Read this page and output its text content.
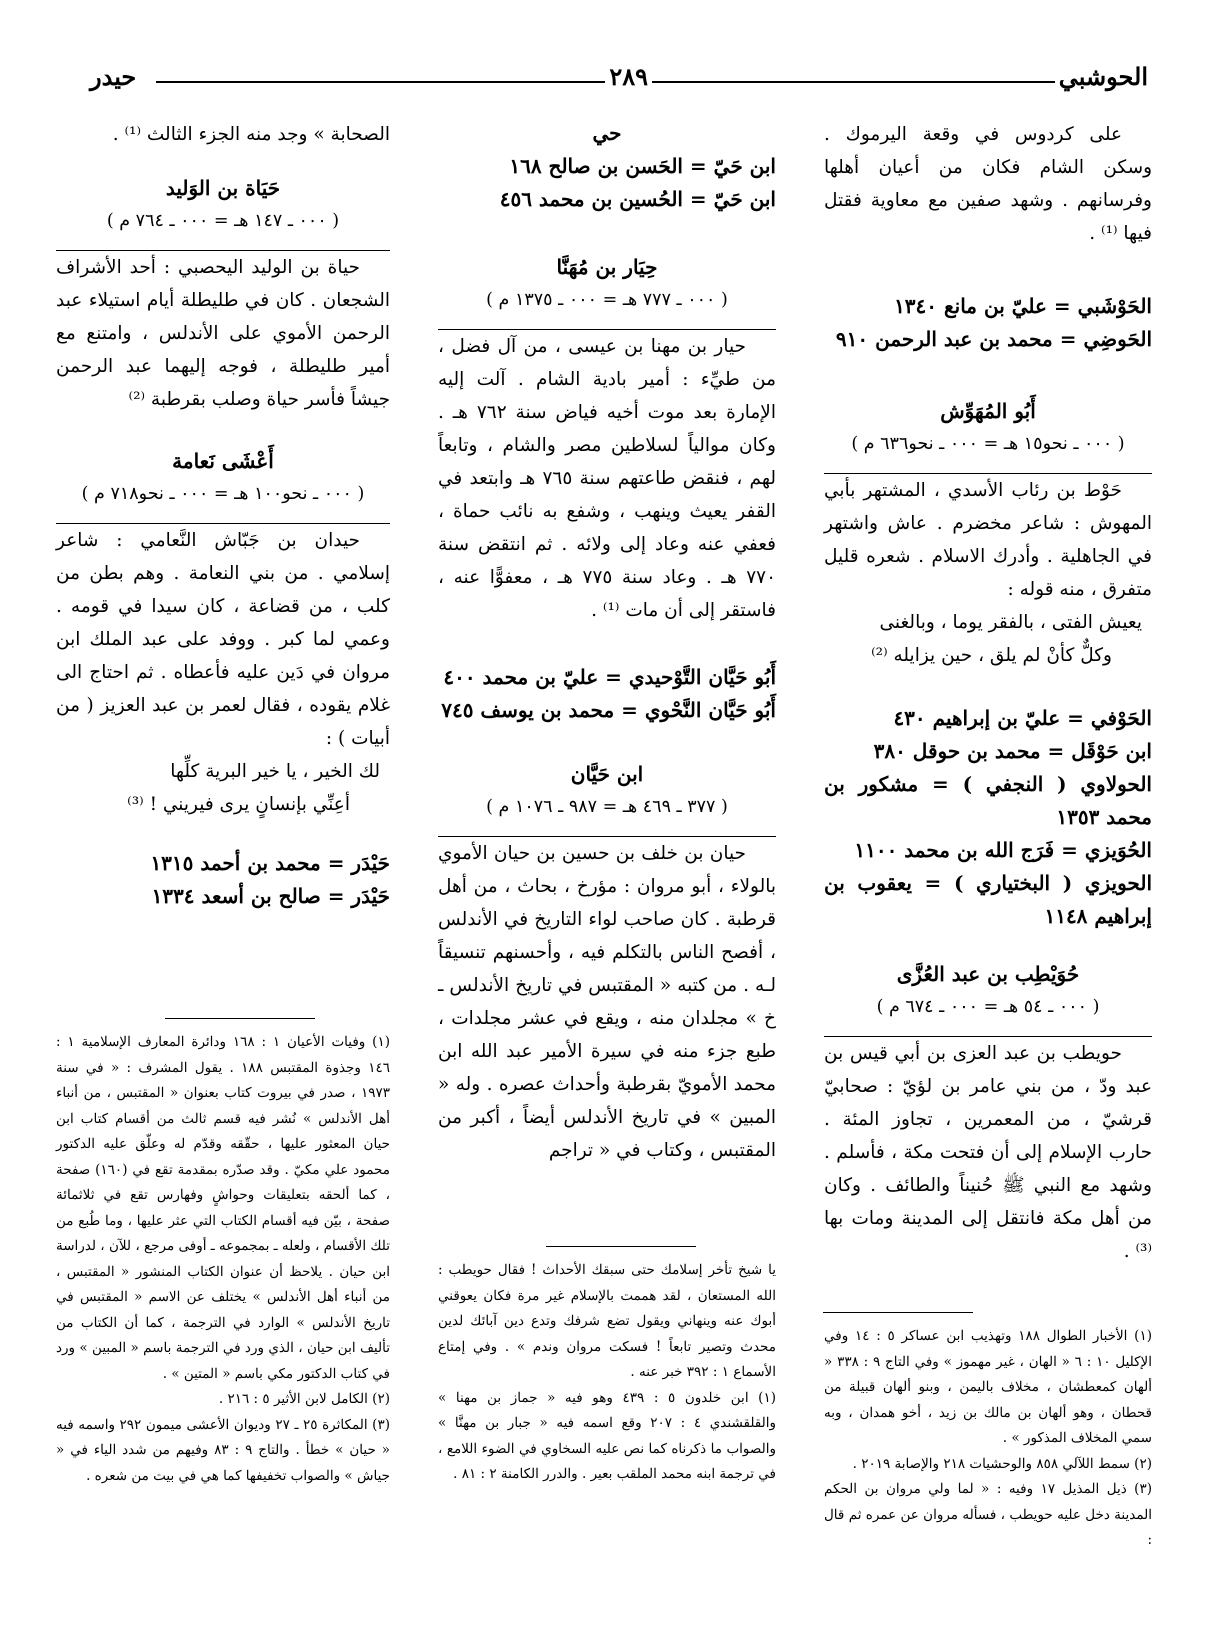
الحوشبي
٢٨٩
حيدر

على كردوس في وقعة اليرموك . وسكن الشام فكان من أعيان أهلها وفرسانهم . وشهد صفين مع معاوية فقتل فيها ⁽¹⁾ .

الحَوْشَبي = عليّ بن مانع ١٣٤٠

الحَوضِي = محمد بن عبد الرحمن ٩١٠

أَبُو المُهَوِّش

( ٠٠٠ ـ نحو١٥ هـ = ٠٠٠ ـ نحو٦٣٦ م )

حَوْط بن رئاب الأسدي ، المشتهر بأبي المهوش : شاعر مخضرم . عاش واشتهر في الجاهلية . وأدرك الاسلام . شعره قليل متفرق ، منه قوله :

يعيش الفتى ، بالفقر يوما ، وبالغنى

وكلٌّ كأنْ لم يلق ، حين يزايله ⁽²⁾

الحَوْفي = عليّ بن إبراهيم ٤٣٠

ابن حَوْقَل = محمد بن حوقل ٣٨٠

الحولاوي ( النجفي ) = مشكور بن محمد ١٣٥٣

الحُوَيزي = فَرَج الله بن محمد ١١٠٠

الحويزي ( البختياري ) = يعقوب بن إبراهيم ١١٤٨

حُوَيْطِب بن عبد العُزَّى

( ٠٠٠ ـ ٥٤ هـ = ٠٠٠ ـ ٦٧٤ م )

حويطب بن عبد العزى بن أبي قيس بن عبد ودّ ، من بني عامر بن لؤيّ : صحابيّ قرشيّ ، من المعمرين ، تجاوز المئة . حارب الإسلام إلى أن فتحت مكة ، فأسلم . وشهد مع النبي ﷺ حُنيناً والطائف . وكان من أهل مكة فانتقل إلى المدينة ومات بها ⁽³⁾ .

حي

ابن حَيّ = الحَسن بن صالح ١٦٨

ابن حَيّ = الحُسين بن محمد ٤٥٦

حِيَار بن مُهَنَّا

( ٠٠٠ ـ ٧٧٧ هـ = ٠٠٠ ـ ١٣٧٥ م )

حيار بن مهنا بن عيسى ، من آل فضل ، من طيِّء : أمير بادية الشام . آلت إليه الإمارة بعد موت أخيه فياض سنة ٧٦٢ هـ . وكان موالياً لسلاطين مصر والشام ، وتابعاً لهم ، فنقض طاعتهم سنة ٧٦٥ هـ وابتعد في القفر يعيث وينهب ، وشفع به نائب حماة ، فعفي عنه وعاد إلى ولائه . ثم انتقض سنة ٧٧٠ هـ . وعاد سنة ٧٧٥ هـ ، معفوًّا عنه ، فاستقر إلى أن مات ⁽¹⁾ .

أَبُو حَيَّان التَّوْحيدي = عليّ بن محمد ٤٠٠

أَبُو حَيَّان النَّحْوي = محمد بن يوسف ٧٤٥

ابن حَيَّان

( ٣٧٧ ـ ٤٦٩ هـ = ٩٨٧ ـ ١٠٧٦ م )

حيان بن خلف بن حسين بن حيان الأموي بالولاء ، أبو مروان : مؤرخ ، بحاث ، من أهل قرطبة . كان صاحب لواء التاريخ في الأندلس ، أفصح الناس بالتكلم فيه ، وأحسنهم تنسيقاً لـه . من كتبه « المقتبس في تاريخ الأندلس ـ خ » مجلدان منه ، ويقع في عشر مجلدات ، طبع جزء منه في سيرة الأمير عبد الله ابن محمد الأمويّ بقرطبة وأحداث عصره . وله « المبين » في تاريخ الأندلس أيضاً ، أكبر من المقتبس ، وكتاب في « تراجم

الصحابة » وجد منه الجزء الثالث ⁽¹⁾ .

حَيَاة بن الوَليد

( ٠٠٠ ـ ١٤٧ هـ = ٠٠٠ ـ ٧٦٤ م )

حياة بن الوليد اليحصبي : أحد الأشراف الشجعان . كان في طليطلة أيام استيلاء عبد الرحمن الأموي على الأندلس ، وامتنع مع أمير طليطلة ، فوجه إليهما عبد الرحمن جيشاً فأسر حياة وصلب بقرطبة ⁽²⁾

أَعْشَى نَعامة

( ٠٠٠ ـ نحو١٠٠ هـ = ٠٠٠ ـ نحو٧١٨ م )

حيدان بن جَبّاش النَّعامي : شاعر إسلامي . من بني النعامة . وهم بطن من كلب ، من قضاعة ، كان سيدا في قومه . وعمي لما كبر . ووفد على عبد الملك ابن مروان في دَين عليه فأعطاه . ثم احتاج الى غلام يقوده ، فقال لعمر بن عبد العزيز ( من أبيات ) :

لك الخير ، يا خير البرية كلِّها

أعِنِّي بإنسانٍ يرى فيريني ! ⁽³⁾

حَيْدَر = محمد بن أحمد ١٣١٥

حَيْدَر = صالح بن أسعد ١٣٣٤

(١) وفيات الأعيان ١ : ١٦٨ ودائرة المعارف الإسلامية ١ : ١٤٦ وجذوة المقتبس ١٨٨ . يقول المشرف : « في سنة ١٩٧٣ ، صدر في بيروت كتاب بعنوان « المقتبس ، من أنباء أهل الأندلس » نُشر فيه قسم ثالث من أقسام كتاب ابن حيان المعثور عليها ، حقّقه وقدّم له وعلّق عليه الدكتور محمود علي مكيّ . وقد صدّره بمقدمة تقع في (١٦٠) صفحة ، كما ألحقه بتعليقات وحواشٍ وفهارس تقع في ثلاثمائة صفحة ، بيّن فيه أقسام الكتاب التي عثر عليها ، وما طُبع من تلك الأقسام ، ولعله ـ بمجموعه ـ أوفى مرجع ، للآن ، لدراسة ابن حيان . يلاحظ أن عنوان الكتاب المنشور « المقتبس ، من أنباء أهل الأندلس » يختلف عن الاسم « المقتبس في تاريخ الأندلس » الوارد في الترجمة ، كما أن الكتاب من تأليف ابن حيان ، الذي ورد في الترجمة باسم « المبين » ورد في كتاب الدكتور مكي باسم « المتين » .

(٢) الكامل لابن الأثير ٥ : ٢١٦ .

(٣) المكاثرة ٢٥ ـ ٢٧ وديوان الأعشى ميمون ٢٩٢ واسمه فيه « حيان » خطأ . والتاج ٩ : ٨٣ وفيهم من شدد الياء في « جياش » والصواب تخفيفها كما هي في بيت من شعره .

يا شيخ تأخر إسلامك حتى سبقك الأحداث ! فقال حويطب : الله المستعان ، لقد هممت بالإسلام غير مرة فكان يعوقني أبوك عنه وينهاني ويقول تضع شرفك وتدع دين آبائك لدين محدث وتصير تابعاً ! فسكت مروان وندم » . وفي إمتاع الأسماع ١ : ٣٩٢ خبر عنه .

(١) ابن خلدون ٥ : ٤٣٩ وهو فيه « جماز بن مهنا » والقلقشندي ٤ : ٢٠٧ وقع اسمه فيه « جبار بن مهنَّا » والصواب ما ذكرناه كما نص عليه السخاوي في الضوء اللامع ، في ترجمة ابنه محمد الملقب بعير . والدرر الكامنة ٢ : ٨١ .

(١) الأخبار الطوال ١٨٨ وتهذيب ابن عساكر ٥ : ١٤ وفي الإكليل ١٠ : ٦ « الهان ، غير مهموز » وفي التاج ٩ : ٣٣٨ « ألهان كمعطشان ، مخلاف باليمن ، وبنو ألهان قبيلة من قحطان ، وهو ألهان بن مالك بن زيد ، أخو همدان ، وبه سمي المخلاف المذكور » .

(٢) سمط اللآلي ٨٥٨ والوحشيات ٢١٨ والإصابة ٢٠١٩ .

(٣) ذيل المذيل ١٧ وفيه : « لما ولي مروان بن الحكم المدينة دخل عليه حويطب ، فسأله مروان عن عمره ثم قال :
